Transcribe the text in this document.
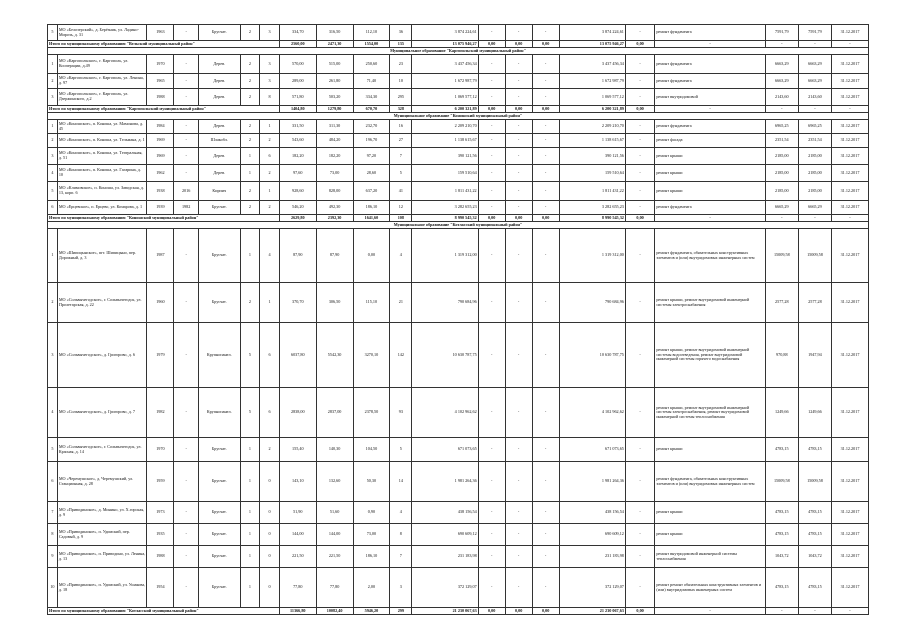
5	МО «Белозерский», д. Берёзник, ул. Ладино-Мирозь, д. 31	1963	-	Брусчат.	2	3	334,70	316,50	112,10	36	3 874 224,61	-	-	-	3 874 224,61	-	ремонт фундамента	7591,79	7591,79	31.12.2017
Итого по муниципальному образованию "Вельский муниципальный район"							2560,00	2471,30	1554,00	135	13 075 946,27	0,00	0,00	0,00	13 075 946,27	0,00	-	-	-	-
Муниципальное образование "Каргопольский муниципальный район"																				
1	МО «Каргопольское», г. Каргополь, ул. Кооперации, д.49	1970	-	Дерев.	2	3	570,00	515,00	250,60	23	3 437 456,34	-	-	-	3 437 456,34	-	ремонт фундамента	6663,29	6663,29	31.12.2017
2	МО «Каргопольское», г. Каргополь, ул. Ленина, д. 97	1965	-	Дерев.	2	3	289,00	261,80	71,40	10	1 672 987,79	-	-	-	1 672 987,79	-	ремонт фундамента	6663,29	6663,29	31.12.2017
3	МО «Каргопольское», г. Каргополь, ул. Дзержинского, д.2	1988	-	Дерев.	2	8	571,80	503,20	334,30	295	1 069 577,12	-	-	-	1 069 577,12	-	ремонт внутридомовой	2143,60	2143,60	31.12.2017
Итого по муниципальному образованию "Каргопольский муниципальный район"							1404,80	1279,80	670,70	328	6 200 321,89	0,00	0,00	0,00	6 200 321,89	0,00	-	-	-	-
Муниципальное образование "Коношский муниципальный район"																				
1	МО «Коношское», п. Коноша, ул. Мамонова, д. 45	1984	-	Дерев.	2	1	331,50	311,30	232,70	16	2 209 210,70	-	-	-	2 209 210,70	-	ремонт фундамента	6965,25	6965,25	31.12.2017
2	МО «Коношское», п. Коноша, ул. Тельмана, д. 1	1969	-	Шлакобл.	2	2	543,60	484,20	196,70	27	1 138 615,67	-	-	-	1 138 615,67	-	ремонт фасада	2351,54	2351,54	31.12.2017
3	МО «Коношское», п. Коноша, ул. Театральная, д. 51	1969	-	Дерев.	1	6	182,20	182,20	97,20	7	390 121,56	-	-	-	390 121,56	-	ремонт крыши	2185,00	2185,00	31.12.2017
4	МО «Коношское», п. Коноша, ул. Гагарина, д. 10	1962	-	Дерев.	1	2	97,60	73,00	28,60	5	159 510,64	-	-	-	159 510,64	-	ремонт крыши	2185,00	2185,00	31.12.2017
5	МО «Климовское», п. Коноша, ул. Заводская, д. 13, корп. 6	1938	2016	Кирпич	2	1	928,60	828,00	637,20	41	1 811 431,22	-	-	-	1 811 431,22	-	ремонт крыши	2185,00	2185,00	31.12.2017
6	МО «Ерцевское», п. Ерцево, ул. Комарова, д. 1	1939	1982	Брусчат.	2	2	546,20	492,30	186,10	12	3 282 655,23	-	-	-	3 282 655,23	-	ремонт фундамента	6665,29	6665,29	31.12.2017
Итого по муниципальному образованию "Коношский муниципальный район"							2629,80	2392,30	1641,60	108	8 990 545,32	0,00	0,00	0,00	8 990 545,32	0,00	-	-	-	-
Муниципальное образование "Котласский муниципальный район"																				
1	МО «Шипицынское», пгт. Шипицыно, пер. Дорожный, д. 3	1987	-	Брусчат.	1	4	87,90	87,90	0,00	4	1 319 312,00	-	-	-	1 319 312,00	-	ремонт фундамента, обязательных конструктивных элементов и (или) внутридомовых инженерных систем	15009,58	15009,58	31.12.2017
2	МО «Сольвычегодское», г. Сольвычегодск, ул. Пролетарская, д. 22	1960	-	Брусчат.	2	1	370,70	306,50	115,10	21	790 684,96	-	-	-	790 684,96	-	ремонт крыши, ремонт внутридомовой инженерной системы электроснабжения	2577,28	2577,28	31.12.2017
3	МО «Сольвычегодское», д. Григорово, д. 6	1979	-	Крупнопанел.	5	6	6037,80	5542,30	3270,10	142	10 630 787,75	-	-	-	10 630 787,75	-	ремонт крыши, ремонт внутридомовой инженерной системы водоотведения, ремонт внутридомовой инженерной системы горячего водоснабжения	970,88	1947,94	31.12.2017
4	МО «Сольвычегодское», д. Григорово, д. 7	1982	-	Крупнопанел.	5	6	2838,00	2837,00	2378,50	93	4 102 962,62	-	-	-	4 102 962,62	-	ремонт крыши, ремонт внутридомовой инженерной системы электроснабжения, ремонт внутридомовой инженерной системы теплоснабжения	1249,66	1249,66	31.12.2017
5	МО «Сольвычегодское», г. Сольвычегодск, ул. Красная, д. 14	1970	-	Брусчат.	1	2	155,40	140,30	104,50	5	671 073,65	-	-	-	671 073,65	-	ремонт крыши	4783,15	4783,15	31.12.2017
6	МО «Черемушское», д. Черемушский, ул. Станционная, д. 28	1959	-	Брусчат.	1	0	143,10	132,60	50,30	14	1 981 264,36	-	-	-	1 981 264,36	-	ремонт фундамента, обязательных конструктивных элементов и (или) внутридомовых инженерных систем	15009,58	15009,58	31.12.2017
7	МО «Приводинское», д. Минино, ул. Х.горская, д. 9	1973	-	Брусчат.	1	0	51,90	51,60	0,90	4	438 156,54	-	-	-	438 156,54	-	ремонт крыши	4783,15	4783,15	31.12.2017
8	МО «Приводинское», п. Удимский, пер. Садовый, д. 9	1935	-	Брусчат.	1	0	144,00	144,00	73,00	8	690 609,12	-	-	-	690 609,12	-	ремонт крыши	4783,15	4783,15	31.12.2017
9	МО «Приводинское», п. Приводино, ул. Ленина, д. 13	1988	-	Брусчат.	1	0	221,50	221,50	186,10	7	231 183,98	-	-	-	231 183,98	-	ремонт внутридомовой инженерной системы теплоснабжения	1043,72	1043,72	31.12.2017
10	МО «Приводинское», п. Удимский, ул. Ушакова, д. 18	1954	-	Брусчат.	1	0	77,80	77,80	2,00	3	372 129,07	-	-	-	372 129,07	-	ремонт ремонт обязательных конструктивных элементов и (или) внутридомовых инженерных систем	4783,15	4783,15	31.12.2017
Итого по муниципальному образованию "Котласский муниципальный район"							11366,80	10082,40	5946,20	299	21 230 067,63	0,00	0,00	0,00	21 230 067,63	0,00	-	-	-	-
